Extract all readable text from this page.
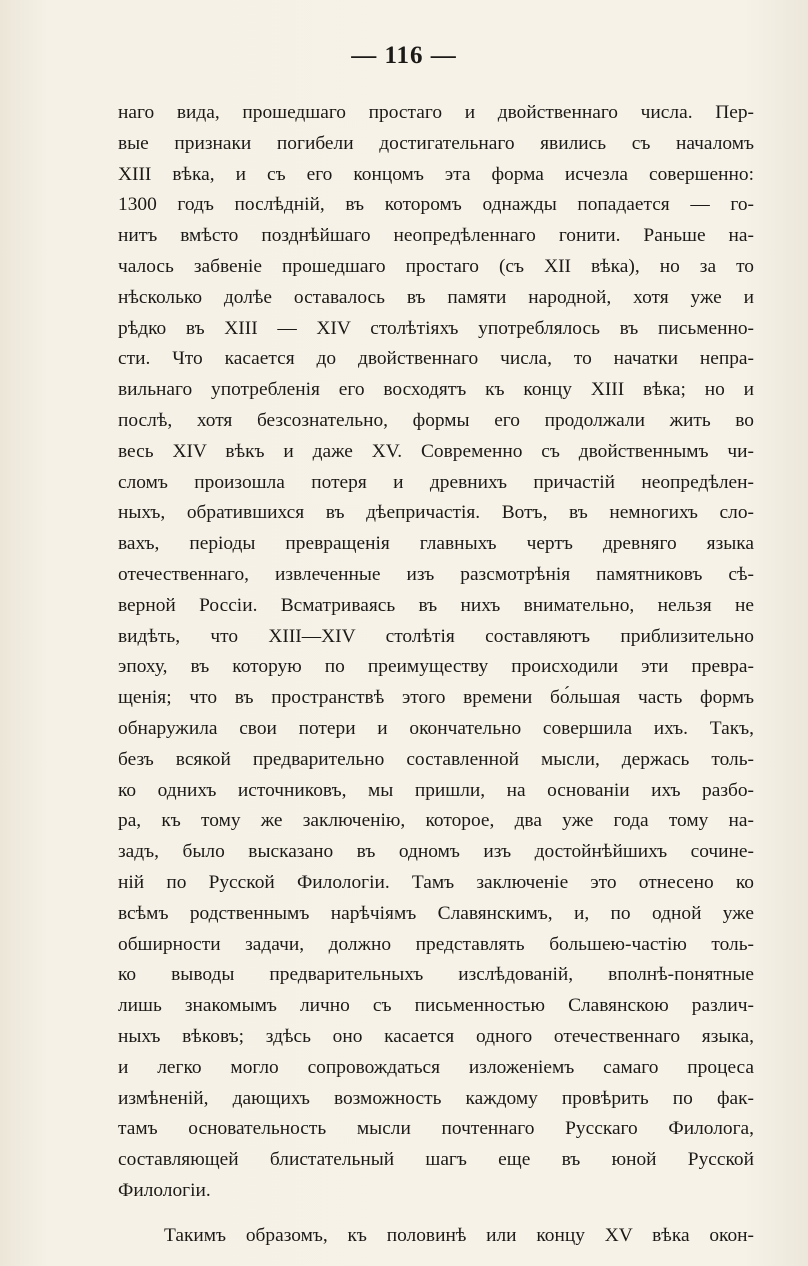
— 116 —
наго вида, прошедшаго простаго и двойственнаго числа. Пер-
вые признаки погибели достигательнаго явились съ началомъ
XIII вѣка, и съ его концомъ эта форма исчезла совершенно:
1300 годъ послѣднiй, въ которомъ однажды попадается — го-
нитъ вмѣсто позднѣйшаго неопредѣленнаго гонити. Раньше на-
чалось забвенiе прошедшаго простаго (съ XII вѣка), но за то
нѣсколько долѣе оставалось въ памяти народной, хотя уже и
рѣдко въ XIII — XIV столѣтiяхъ употреблялось въ письменно-
сти. Что касается до двойственнаго числа, то начатки непра-
вильнаго употребленiя его восходятъ къ концу XIII вѣка; но и
послѣ, хотя безсознательно, формы его продолжали жить во
весь XIV вѣкъ и даже XV. Современно съ двойственнымъ чи-
сломъ произошла потеря и древнихъ причастiй неопредѣлен-
ныхъ, обратившихся въ дѣепричастiя. Вотъ, въ немногихъ сло-
вахъ, перiоды превращенiя главныхъ чертъ древняго языка
отечественнаго, извлеченные изъ разсмотрѣнiя памятниковъ сѣ-
верной Россiи. Всматриваясь въ нихъ внимательно, нельзя не
видѣть, что XIII—XIV столѣтiя составляютъ приблизительно
эпоху, въ которую по преимуществу происходили эти превра-
щенiя; что въ пространствѣ этого времени бо́льшая часть формъ
обнаружила свои потери и окончательно совершила ихъ. Такъ,
безъ всякой предварительно составленной мысли, держась толь-
ко однихъ источниковъ, мы пришли, на основанiи ихъ разбо-
ра, къ тому же заключенiю, которое, два уже года тому на-
задъ, было высказано въ одномъ изъ достойнѣйшихъ сочине-
нiй по Русской Филологiи. Тамъ заключенiе это отнесено ко
всѣмъ родственнымъ нарѣчiямъ Славянскимъ, и, по одной уже
обширности задачи, должно представлять большею-частiю толь-
ко выводы предварительныхъ изслѣдованiй, вполнѣ-понятные
лишь знакомымъ лично съ письменностью Славянскою различ-
ныхъ вѣковъ; здѣсь оно касается одного отечественнаго языка,
и легко могло сопровождаться изложенiемъ самаго процеса
измѣненiй, дающихъ возможность каждому провѣрить по фак-
тамъ основательность мысли почтеннаго Русскаго Филолога,
составляющей блистательный шагъ еще въ юной Русской
Филологiи.
Такимъ образомъ, къ половинѣ или концу XV вѣка окон-
